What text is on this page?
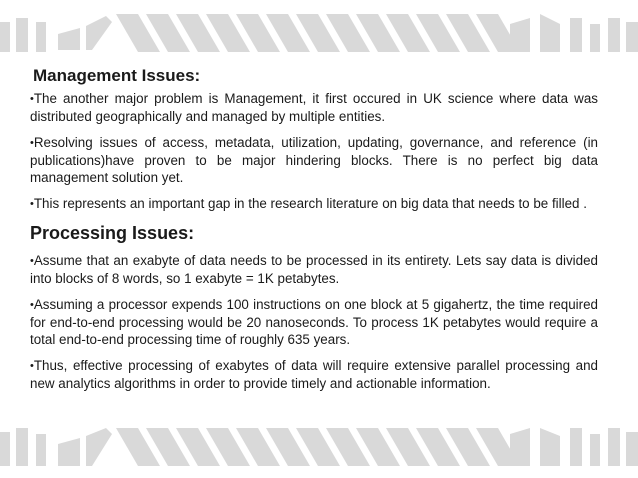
Management Issues:

•The another major problem is Management, it first occured in UK science where data was distributed geographically and managed by multiple entities.

•Resolving issues of access, metadata, utilization, updating, governance, and reference (in publications)have proven to be major hindering blocks. There is no perfect big data management solution yet.

•This represents an important gap in the research literature on big data that needs to be filled .

Processing Issues:

•Assume that an exabyte of data needs to be processed in its entirety. Lets say data is divided into blocks of 8 words, so 1 exabyte = 1K petabytes.

•Assuming a processor expends 100 instructions on one block at 5 gigahertz, the time required for end-to-end processing would be 20 nanoseconds. To process 1K petabytes would require a total end-to-end processing time of roughly 635 years.

•Thus, effective processing of exabytes of data will require extensive parallel processing and new analytics algorithms in order to provide timely and actionable information.
